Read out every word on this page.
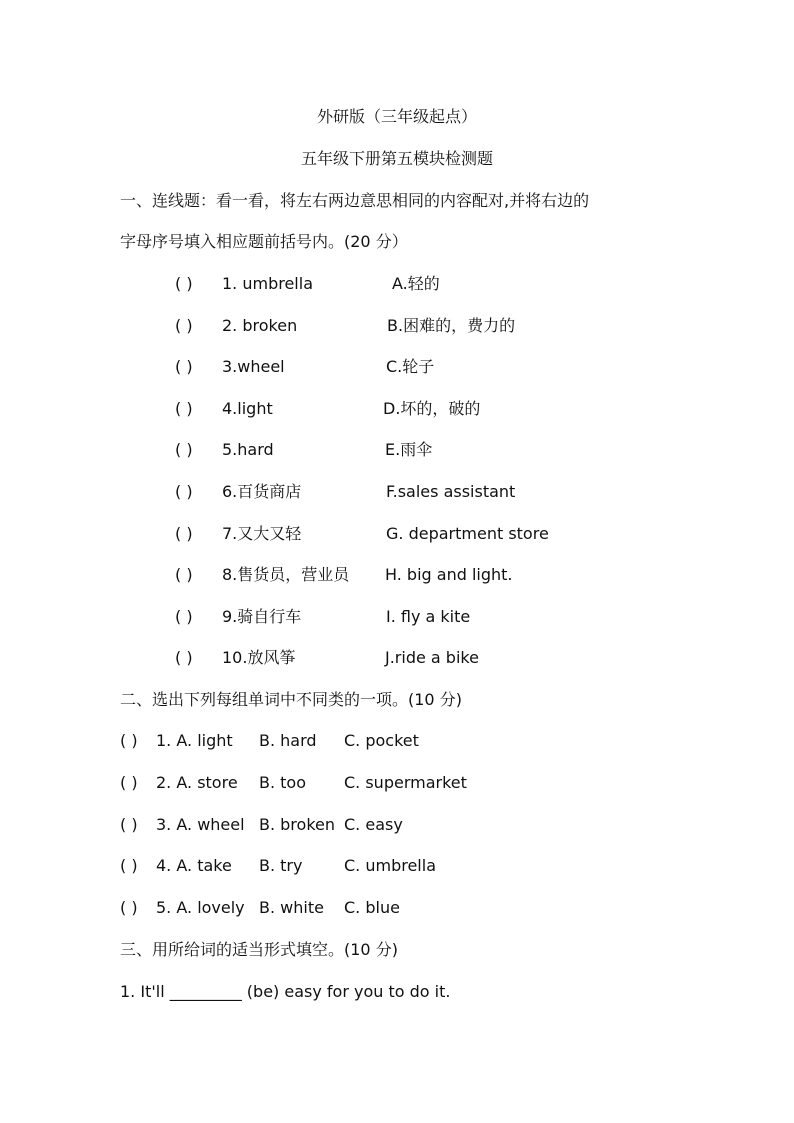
外研版（三年级起点）
五年级下册第五模块检测题
一、连线题：看一看，将左右两边意思相同的内容配对,并将右边的
字母序号填入相应题前括号内。(20 分）
( ) 1. umbrella	A.轻的
( ) 2. broken	B.困难的，费力的
( ) 3.wheel	C.轮子
( ) 4.light	D.坏的，破的
( ) 5.hard	E.雨伞
( ) 6.百货商店	F.sales assistant
( ) 7.又大又轻	G. department store
( ) 8.售货员，营业员 H. big and light.
( ) 9.骑自行车	I. fly a kite
( ) 10.放风筝	J.ride a bike
二、选出下列每组单词中不同类的一项。(10 分)
( ) 1. A. light B. hard C. pocket
( ) 2. A. store B. too C. supermarket
( ) 3. A. wheel B. broken C. easy
( ) 4. A. take B. try	C. umbrella
( ) 5. A. lovely B. white C. blue
三、用所给词的适当形式填空。(10 分)
1. It'll _________ (be) easy for you to do it.
